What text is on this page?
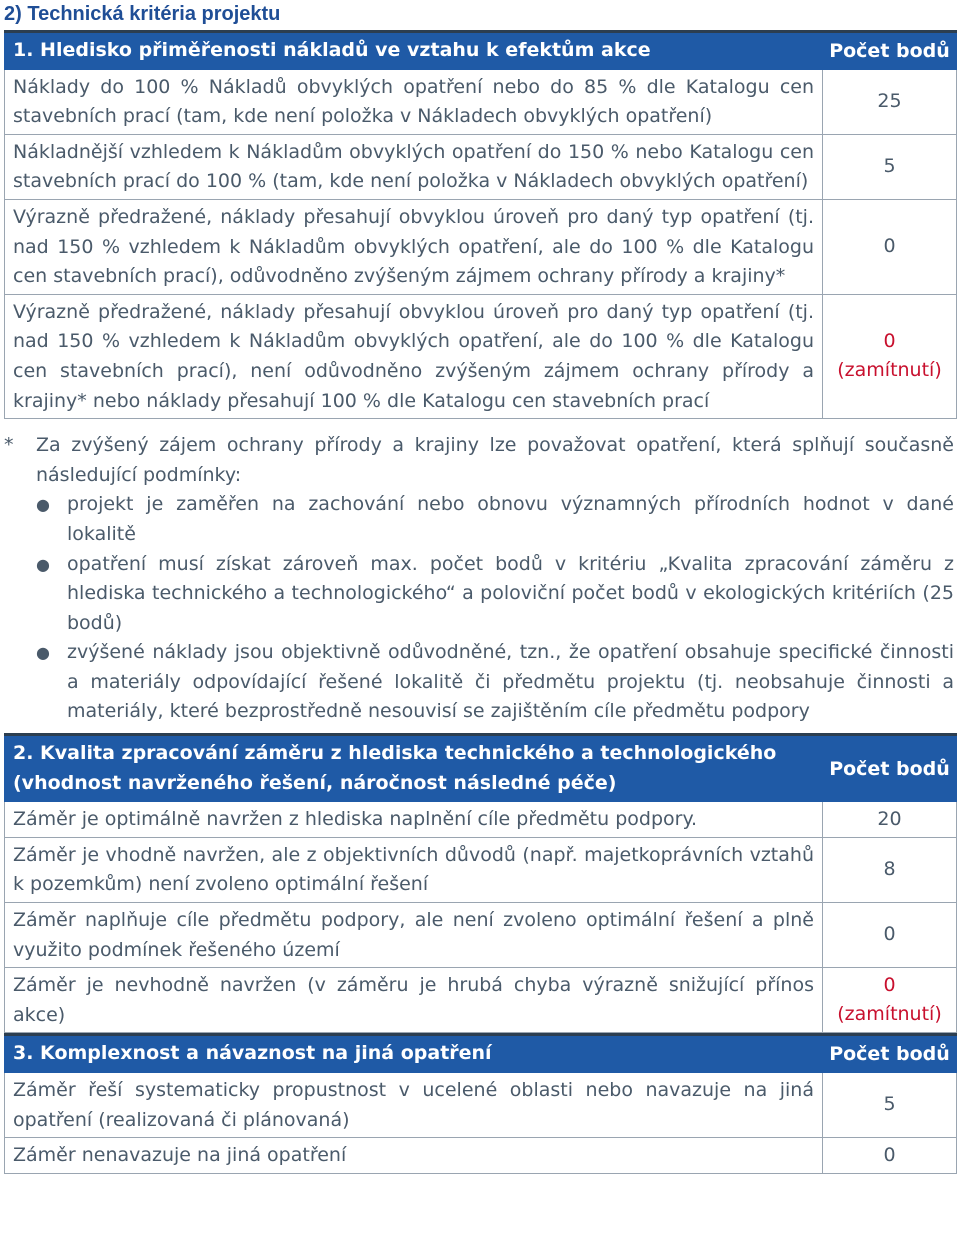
2) Technická kritéria projektu
1. Hledisko přiměřenosti nákladů ve vztahu k efektům akce	Počet bodů
Náklady do 100 % Nákladů obvyklých opatření nebo do 85 % dle Katalogu cen stavebních prací (tam, kde není položka v Nákladech obvyklých opatření)	25
Nákladnější vzhledem k Nákladům obvyklých opatření do 150 % nebo Katalogu cen stavebních prací do 100 % (tam, kde není položka v Nákladech obvyklých opatření)	5
Výrazně předražené, náklady přesahují obvyklou úroveň pro daný typ opatření (tj. nad 150 % vzhledem k Nákladům obvyklých opatření, ale do 100 % dle Katalogu cen stavebních prací), odůvodněno zvýšeným zájmem ochrany přírody a krajiny*	0
Výrazně předražené, náklady přesahují obvyklou úroveň pro daný typ opatření (tj. nad 150 % vzhledem k Nákladům obvyklých opatření, ale do 100 % dle Katalogu cen stavebních prací), není odůvodněno zvýšeným zájmem ochrany přírody a krajiny* nebo náklady přesahují 100 % dle Katalogu cen stavebních prací	0
(zamítnutí)
* Za zvýšený zájem ochrany přírody a krajiny lze považovat opatření, která splňují současně následující podmínky:
● projekt je zaměřen na zachování nebo obnovu významných přírodních hodnot v dané lokalitě
● opatření musí získat zároveň max. počet bodů v kritériu „Kvalita zpracování záměru z hlediska technického a technologického“ a poloviční počet bodů v ekologických kritériích (25 bodů)
● zvýšené náklady jsou objektivně odůvodněné, tzn., že opatření obsahuje specifické činnosti a materiály odpovídající řešené lokalitě či předmětu projektu (tj. neobsahuje činnosti a materiály, které bezprostředně nesouvisí se zajištěním cíle předmětu podpory
2. Kvalita zpracování záměru z hlediska technického a technologického (vhodnost navrženého řešení, náročnost následné péče)	Počet bodů
Záměr je optimálně navržen z hlediska naplnění cíle předmětu podpory.	20
Záměr je vhodně navržen, ale z objektivních důvodů (např. majetkoprávních vztahů k pozemkům) není zvoleno optimální řešení	8
Záměr naplňuje cíle předmětu podpory, ale není zvoleno optimální řešení a plně využito podmínek řešeného území	0
Záměr je nevhodně navržen (v záměru je hrubá chyba výrazně snižující přínos akce)	0
(zamítnutí)
3. Komplexnost a návaznost na jiná opatření	Počet bodů
Záměr řeší systematicky propustnost v ucelené oblasti nebo navazuje na jiná opatření (realizovaná či plánovaná)	5
Záměr nenavazuje na jiná opatření	0
